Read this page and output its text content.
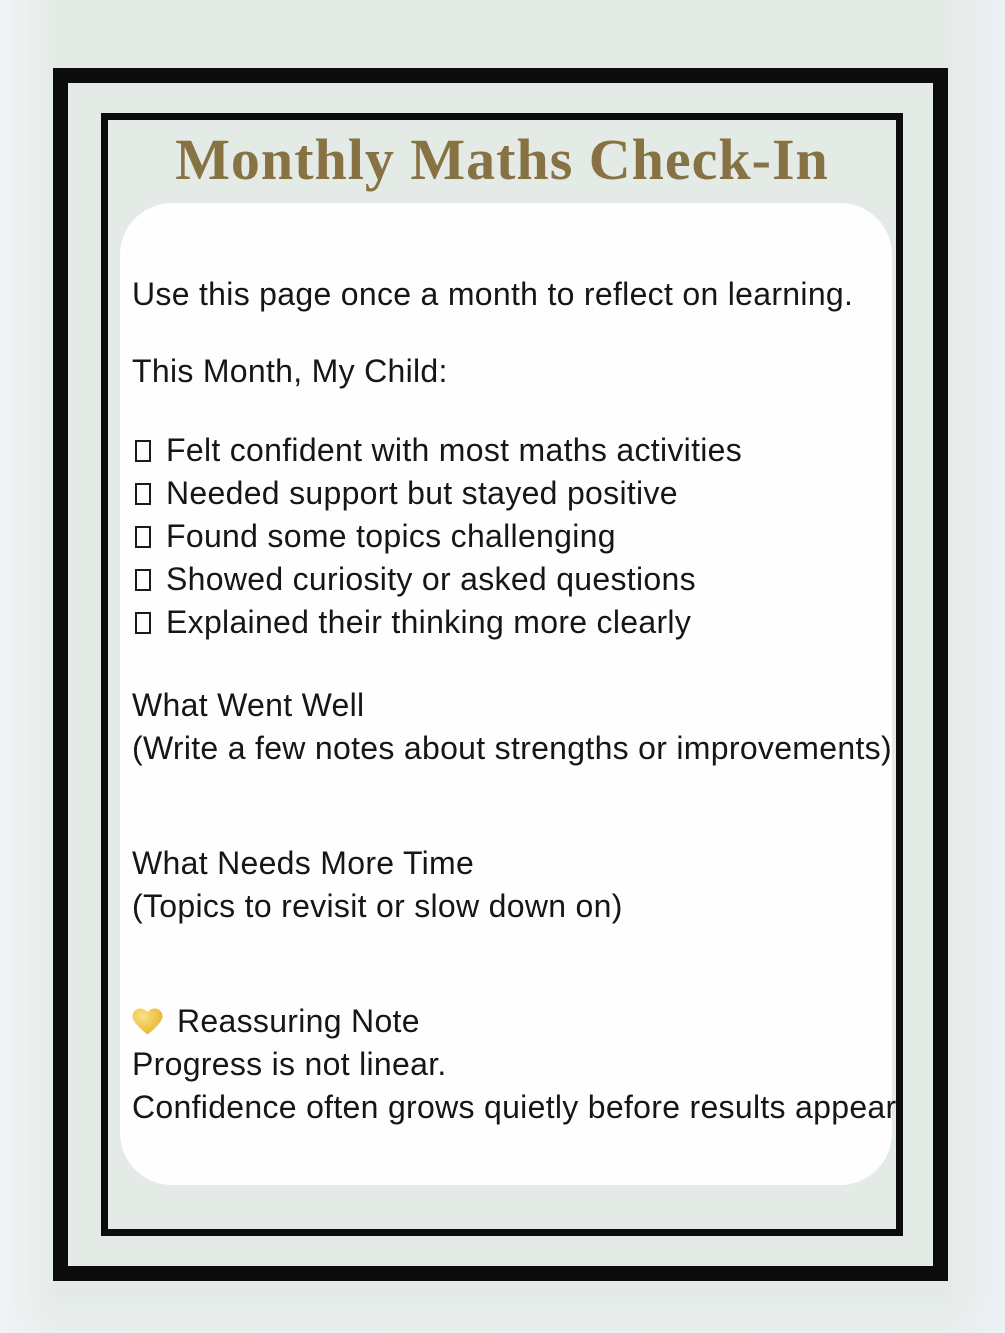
Monthly Maths Check-In

Use this page once a month to reflect on learning.

This Month, My Child:

Felt confident with most maths activities
Needed support but stayed positive
Found some topics challenging
Showed curiosity or asked questions
Explained their thinking more clearly

What Went Well

(Write a few notes about strengths or improvements)

What Needs More Time

(Topics to revisit or slow down on)

Reassuring Note

Progress is not linear.

Confidence often grows quietly before results appear
